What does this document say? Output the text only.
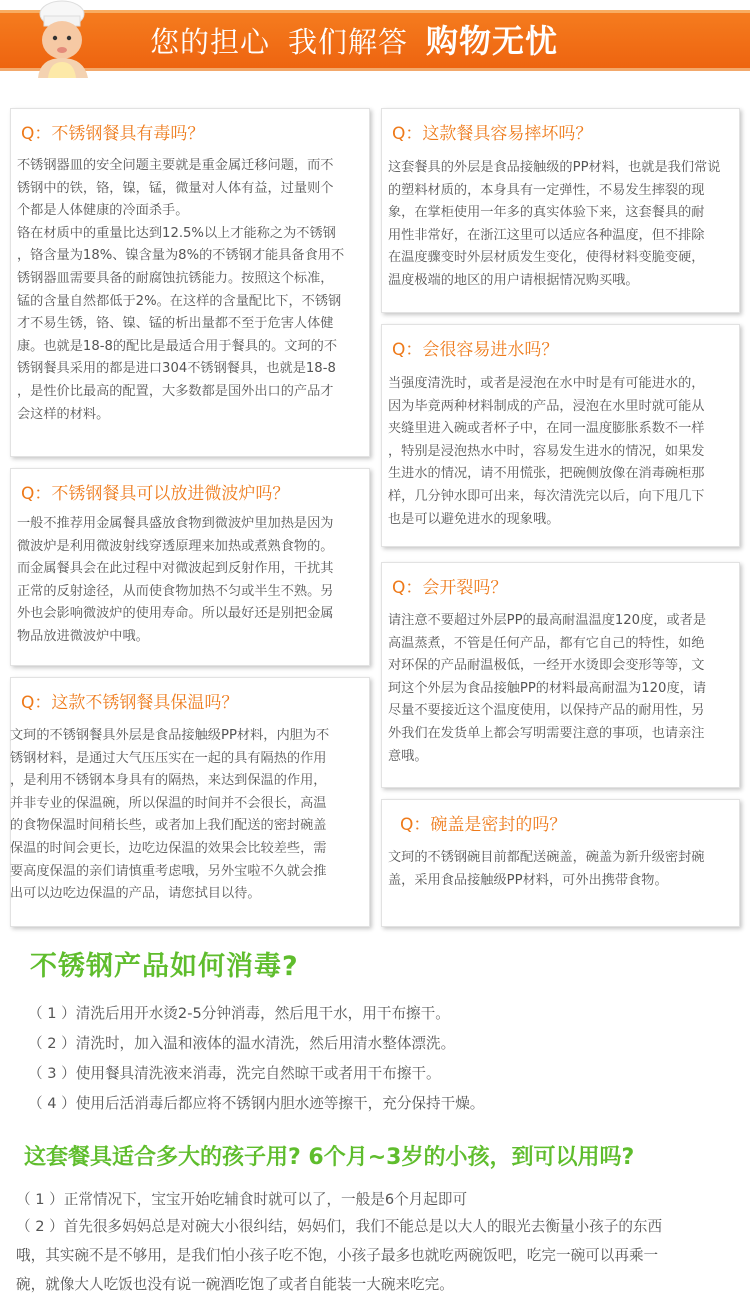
您的担心 我们解答 购物无忧
Q：不锈钢餐具有毒吗？
不锈钢器皿的安全问题主要就是重金属迁移问题，而不
锈钢中的铁，铬，镍，锰，微量对人体有益，过量则个
个都是人体健康的冷面杀手。
铬在材质中的重量比达到12.5%以上才能称之为不锈钢
，铬含量为18%、镍含量为8%的不锈钢才能具备食用不
锈钢器皿需要具备的耐腐蚀抗锈能力。按照这个标准，
锰的含量自然都低于2%。在这样的含量配比下，不锈钢
才不易生锈，铬、镍、锰的析出量都不至于危害人体健
康。也就是18-8的配比是最适合用于餐具的。文珂的不
锈钢餐具采用的都是进口304不锈钢餐具，也就是18-8
，是性价比最高的配置，大多数都是国外出口的产品才
会这样的材料。
Q：不锈钢餐具可以放进微波炉吗？
一般不推荐用金属餐具盛放食物到微波炉里加热是因为
微波炉是利用微波射线穿透原理来加热或煮熟食物的。
而金属餐具会在此过程中对微波起到反射作用，干扰其
正常的反射途径，从而使食物加热不匀或半生不熟。另
外也会影响微波炉的使用寿命。所以最好还是别把金属
物品放进微波炉中哦。
Q：这款不锈钢餐具保温吗？
文珂的不锈钢餐具外层是食品接触级PP材料，内胆为不
锈钢材料，是通过大气压压实在一起的具有隔热的作用
，是利用不锈钢本身具有的隔热，来达到保温的作用，
并非专业的保温碗，所以保温的时间并不会很长，高温
的食物保温时间稍长些，或者加上我们配送的密封碗盖
保温的时间会更长，边吃边保温的效果会比较差些，需
要高度保温的亲们请慎重考虑哦，另外宝啦不久就会推
出可以边吃边保温的产品，请您拭目以待。
Q：这款餐具容易摔坏吗？
这套餐具的外层是食品接触级的PP材料，也就是我们常说
的塑料材质的，本身具有一定弹性，不易发生摔裂的现
象，在掌柜使用一年多的真实体验下来，这套餐具的耐
用性非常好，在浙江这里可以适应各种温度，但不排除
在温度骤变时外层材质发生变化，使得材料变脆变硬，
温度极端的地区的用户请根据情况购买哦。
Q：会很容易进水吗？
当强度清洗时，或者是浸泡在水中时是有可能进水的，
因为毕竟两种材料制成的产品，浸泡在水里时就可能从
夹缝里进入碗或者杯子中，在同一温度膨胀系数不一样
，特别是浸泡热水中时，容易发生进水的情况，如果发
生进水的情况，请不用慌张，把碗侧放像在消毒碗柜那
样，几分钟水即可出来，每次清洗完以后，向下甩几下
也是可以避免进水的现象哦。
Q：会开裂吗？
请注意不要超过外层PP的最高耐温温度120度，或者是
高温蒸煮，不管是任何产品，都有它自己的特性，如绝
对环保的产品耐温极低，一经开水烫即会变形等等，文
珂这个外层为食品接触PP的材料最高耐温为120度，请
尽量不要接近这个温度使用，以保持产品的耐用性，另
外我们在发货单上都会写明需要注意的事项，也请亲注
意哦。
Q：碗盖是密封的吗？
文珂的不锈钢碗目前都配送碗盖，碗盖为新升级密封碗
盖，采用食品接触级PP材料，可外出携带食物。
不锈钢产品如何消毒?
（ 1 ）清洗后用开水烫2-5分钟消毒，然后甩干水，用干布擦干。
（ 2 ）清洗时，加入温和液体的温水清洗，然后用清水整体漂洗。
（ 3 ）使用餐具清洗液来消毒，洗完自然晾干或者用干布擦干。
（ 4 ）使用后活消毒后都应将不锈钢内胆水迹等擦干，充分保持干燥。
这套餐具适合多大的孩子用? 6个月~3岁的小孩，到可以用吗?
（ 1 ）正常情况下，宝宝开始吃辅食时就可以了，一般是6个月起即可
（ 2 ）首先很多妈妈总是对碗大小很纠结，妈妈们，我们不能总是以大人的眼光去衡量小孩子的东西
哦，其实碗不是不够用，是我们怕小孩子吃不饱，小孩子最多也就吃两碗饭吧，吃完一碗可以再乘一
碗，就像大人吃饭也没有说一碗酒吃饱了或者自能装一大碗来吃完。
